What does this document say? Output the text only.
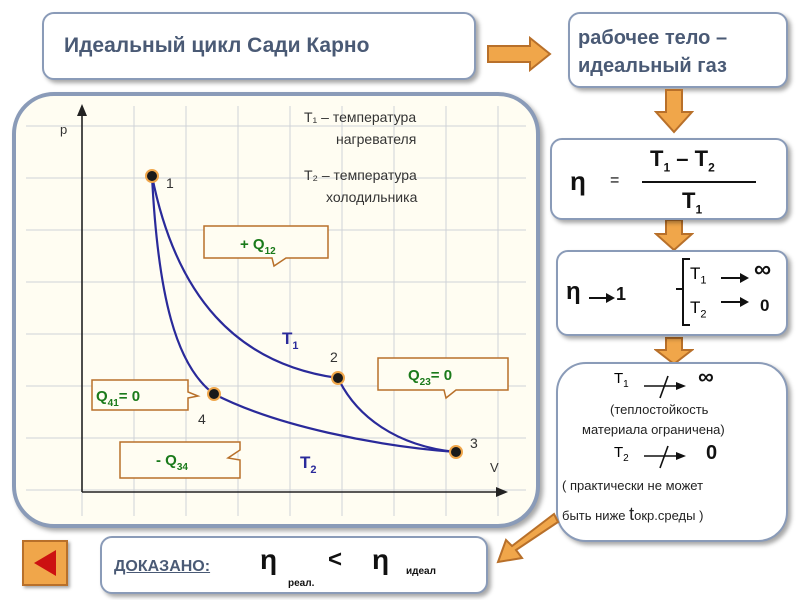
Идеальный цикл Сади Карно	рабочее тело –
идеальный газ
η =
$T_1 - T_2$
$T_1$
η 1
$T_1$ ∞
$T_2$	0
$T_1$	∞
(теплостойкость
материала ограничена)
$T_2$	0
( практически не может
быть ниже tокр.среды )
p
V
1
2
3
4
$T_1$
$T_2$
T₁ – температура
нагревателя
T₂ – температура
холодильника
+ $Q_{12}$
$Q_{23}= 0$
$Q_{41}= 0$
- $Q_{34}$
ДОКАЗАНО: η
реал.
< η идеал
